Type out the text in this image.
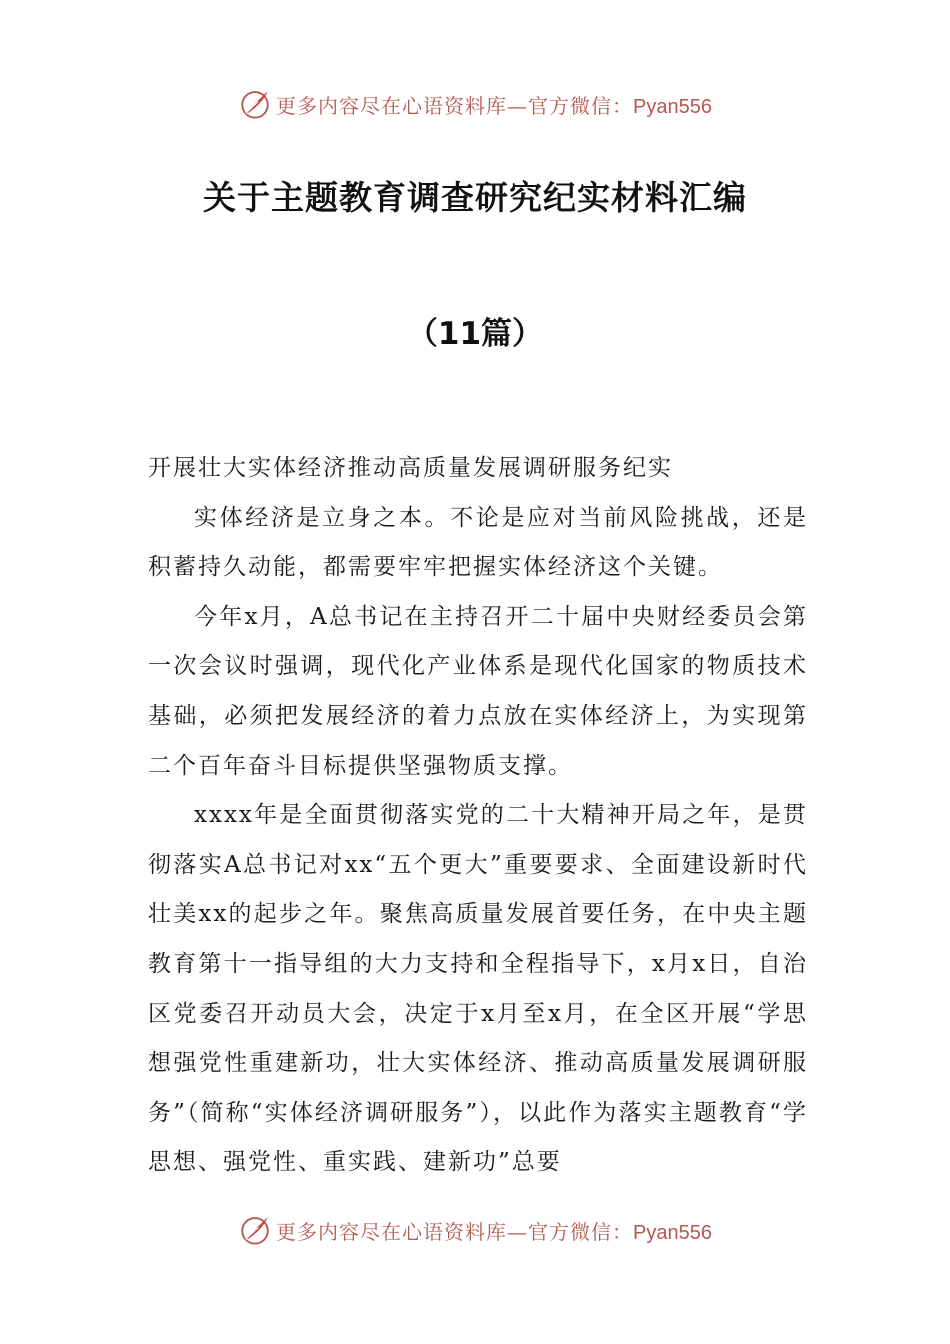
更多内容尽在心语资料库—官方微信：Pyan556
关于主题教育调查研究纪实材料汇编
（11篇）

开展壮大实体经济推动高质量发展调研服务纪实

实体经济是立身之本。不论是应对当前风险挑战，还是积蓄持久动能，都需要牢牢把握实体经济这个关键。

今年x月，A总书记在主持召开二十届中央财经委员会第一次会议时强调，现代化产业体系是现代化国家的物质技术基础，必须把发展经济的着力点放在实体经济上，为实现第二个百年奋斗目标提供坚强物质支撑。

xxxx年是全面贯彻落实党的二十大精神开局之年，是贯彻落实A总书记对xx“五个更大”重要要求、全面建设新时代壮美xx的起步之年。聚焦高质量发展首要任务，在中央主题教育第十一指导组的大力支持和全程指导下，x月x日，自治区党委召开动员大会，决定于x月至x月，在全区开展“学思想强党性重建新功，壮大实体经济、推动高质量发展调研服务”（简称“实体经济调研服务”），以此作为落实主题教育“学思想、强党性、重实践、建新功”总要

更多内容尽在心语资料库—官方微信：Pyan556
